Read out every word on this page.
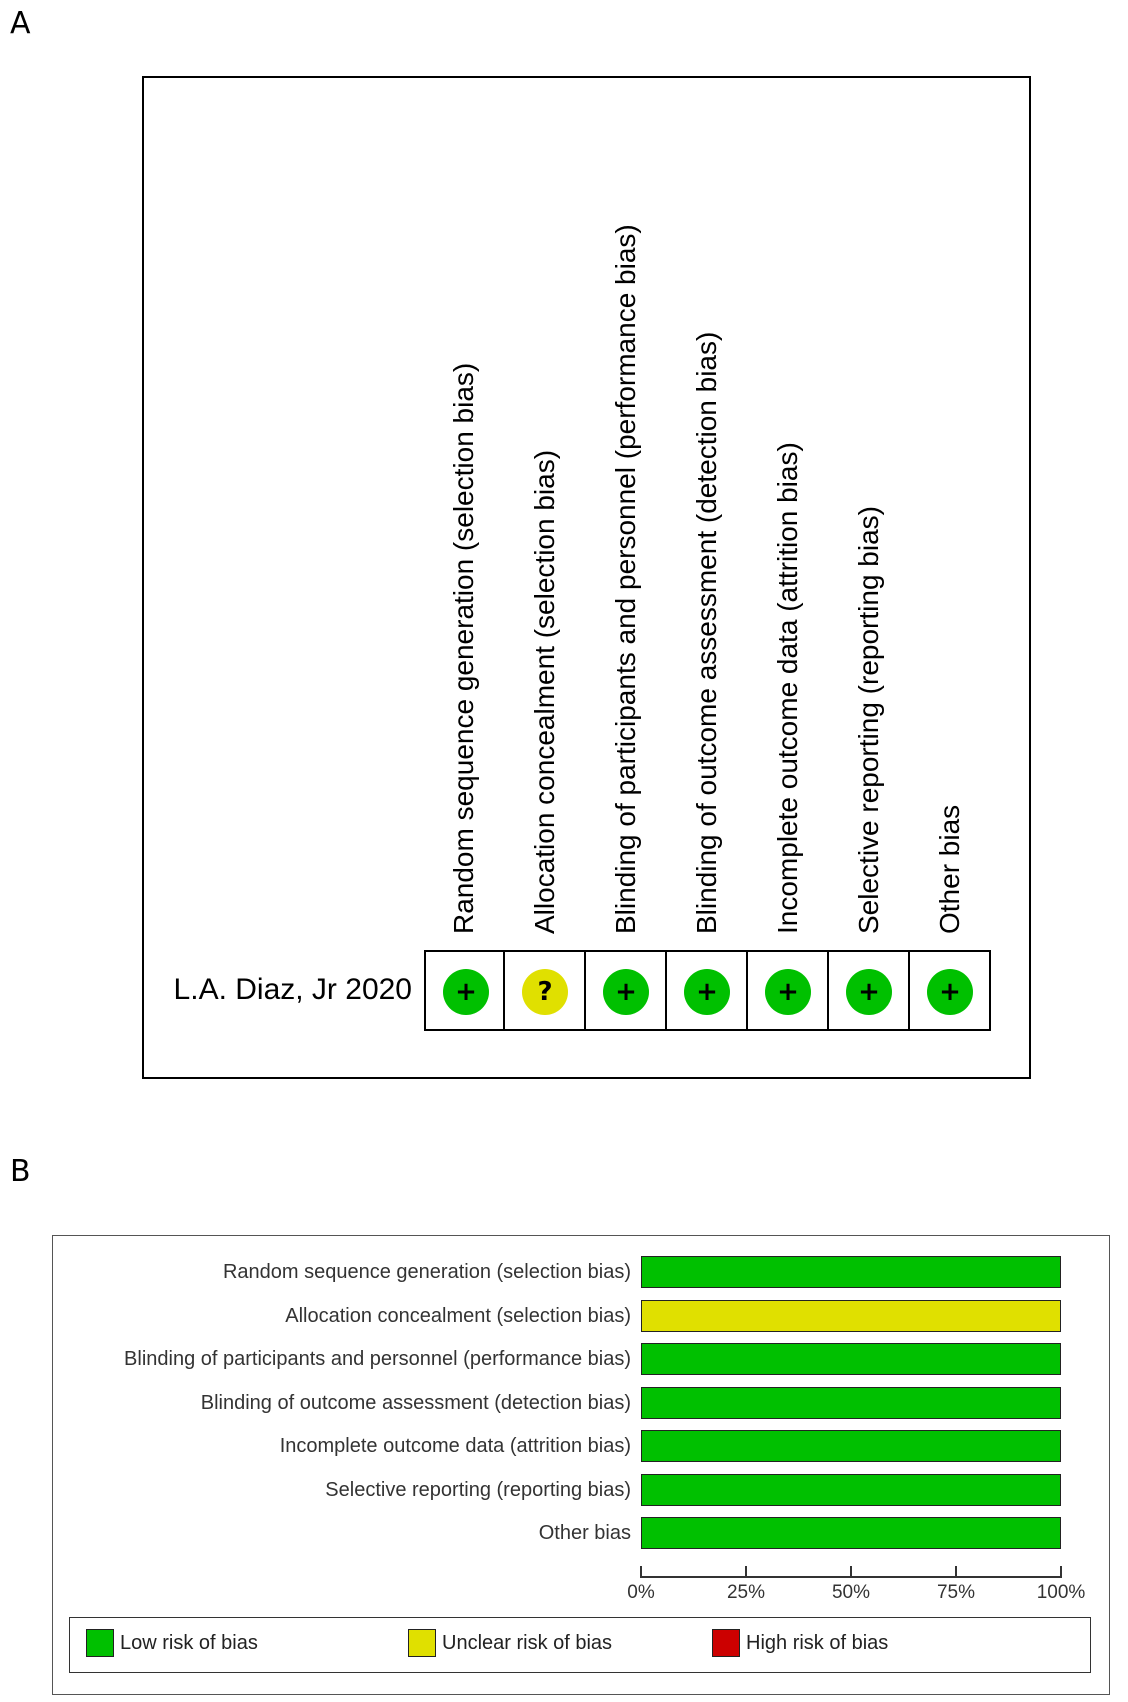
A
Random sequence generation (selection bias) Allocation concealment (selection bias) Blinding of participants and personnel (performance bias) Blinding of outcome assessment (detection bias) Incomplete outcome data (attrition bias) Selective reporting (reporting bias) Other bias
L.A. Diaz, Jr 2020	+	?	+	+	+	+	+
B
Random sequence generation (selection bias)
Allocation concealment (selection bias)
Blinding of participants and personnel (performance bias)
Blinding of outcome assessment (detection bias)
Incomplete outcome data (attrition bias)
Selective reporting (reporting bias)
Other bias
0%	25%	50%	75%	100%
Low risk of bias	Unclear risk of bias	High risk of bias
